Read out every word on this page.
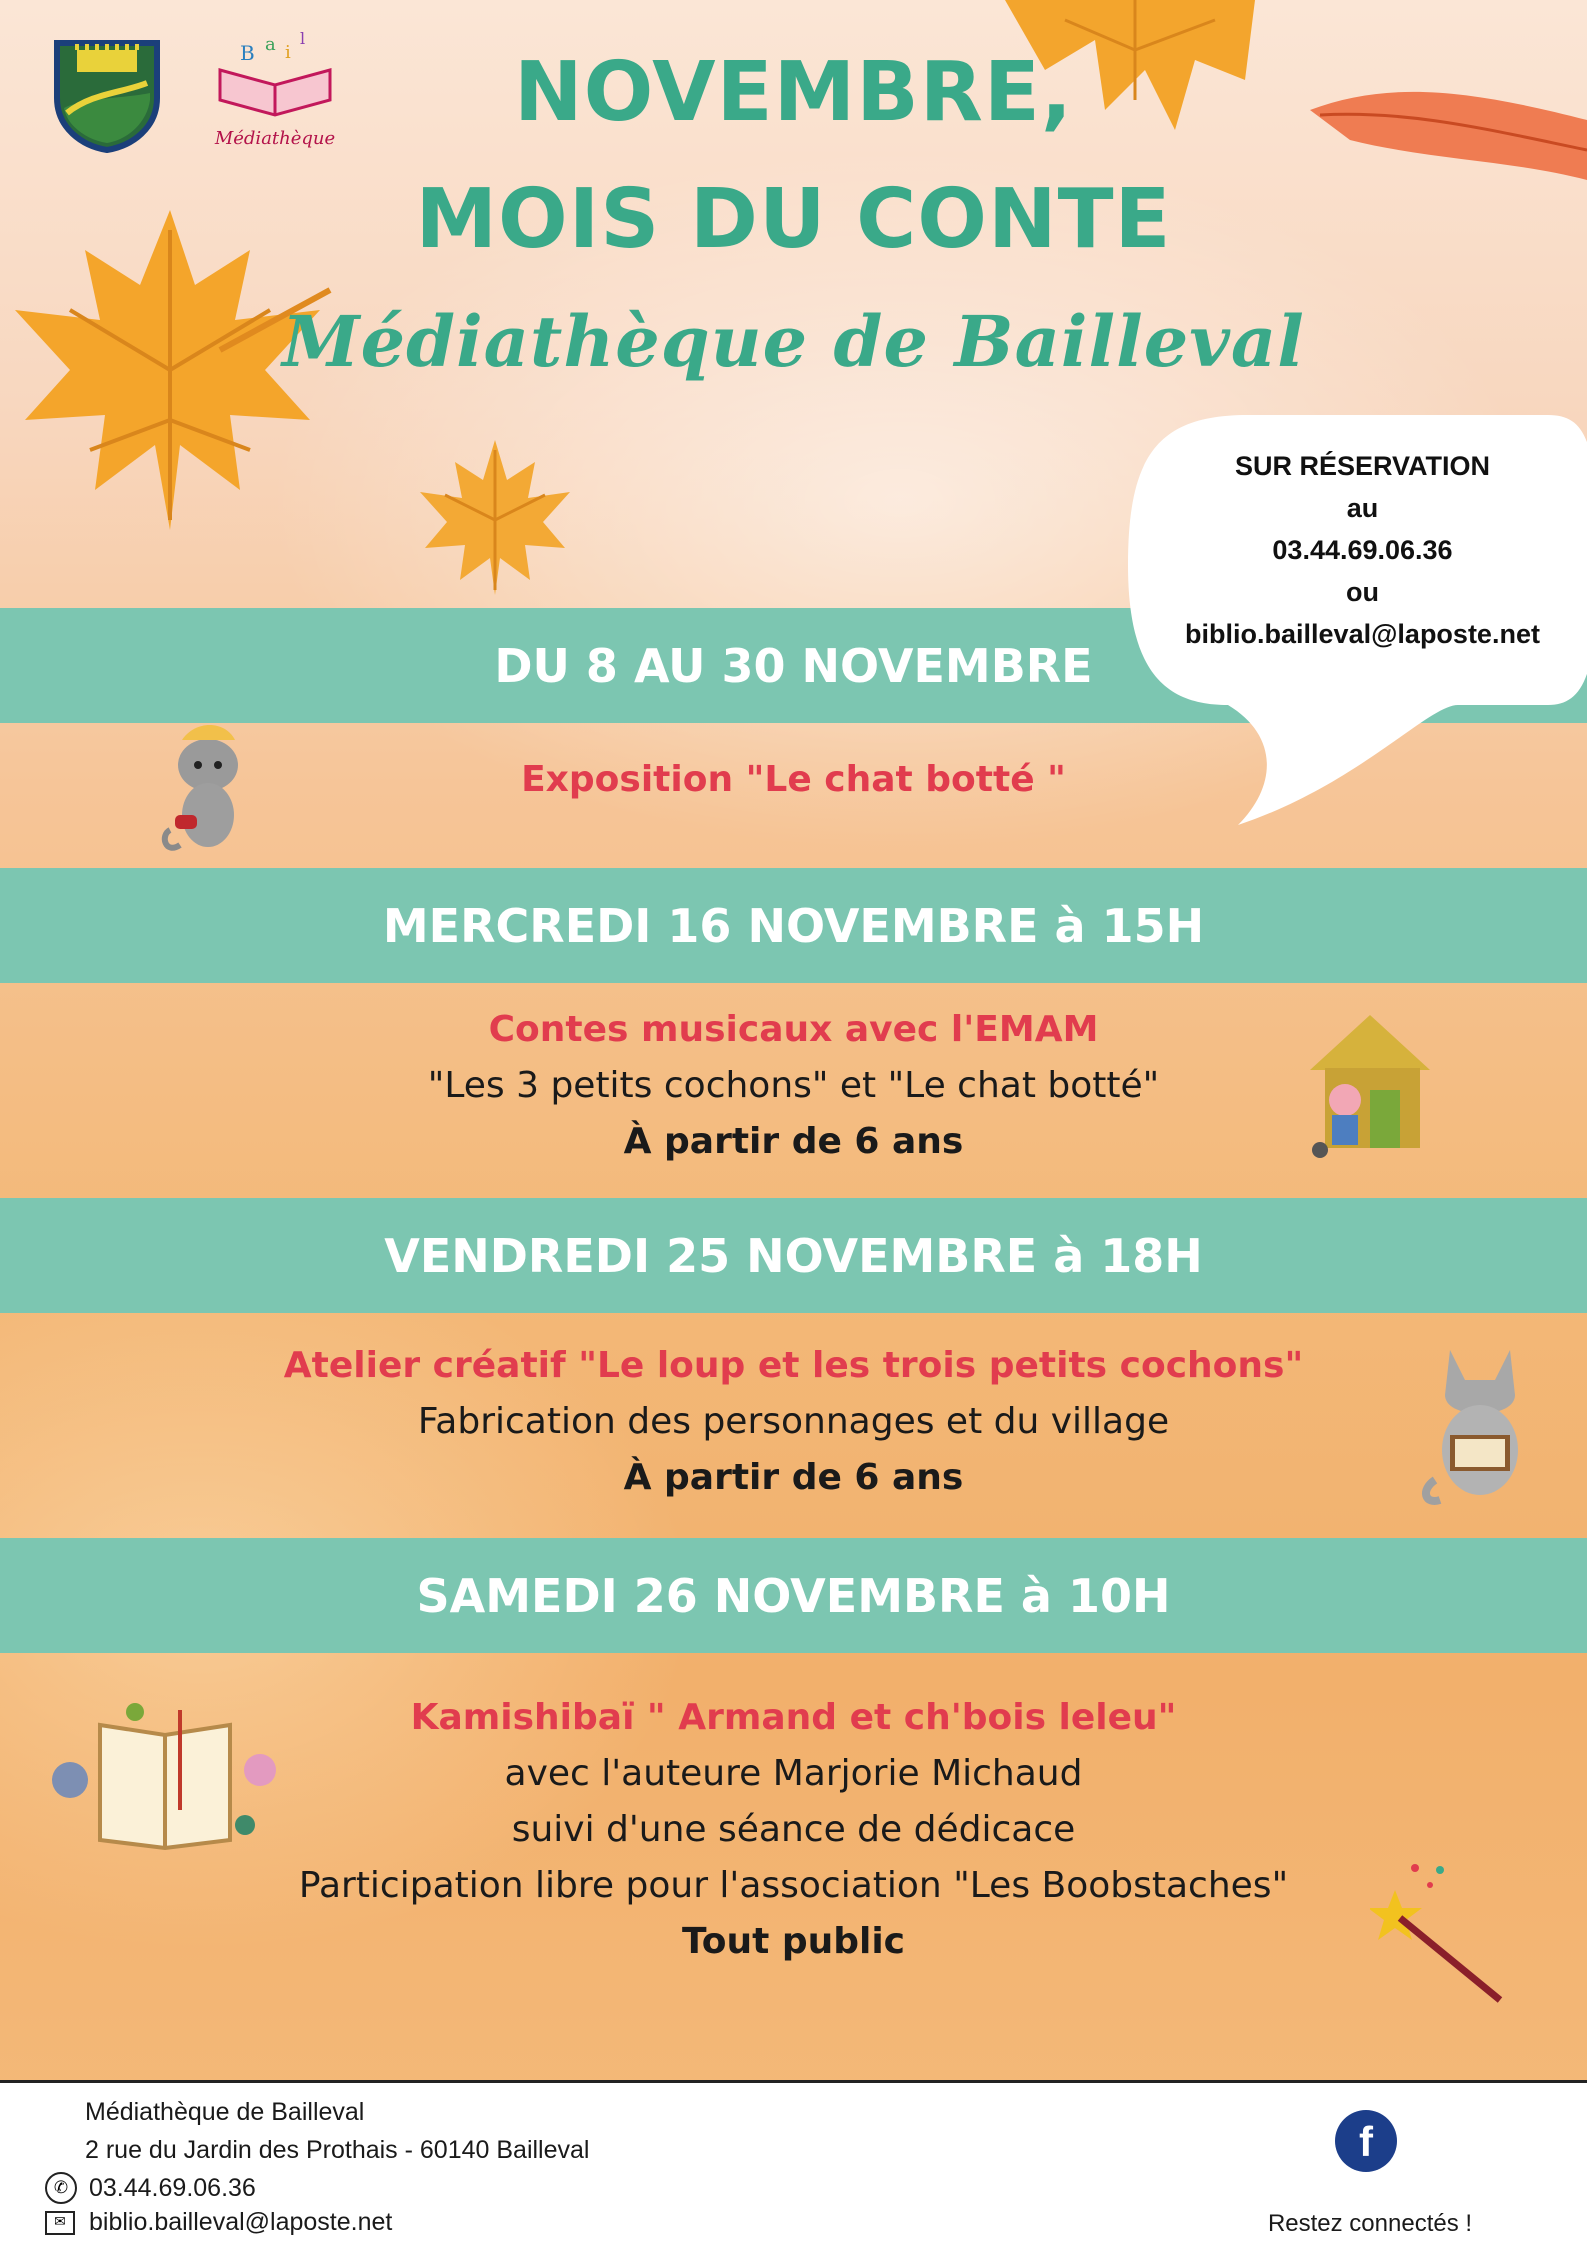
B a i
l
Médiathèque	NOVEMBRE,
MOIS DU CONTE
Médiathèque de Bailleval
DU 8 AU 30 NOVEMBRE
SUR RÉSERVATION
au
03.44.69.06.36
ou
biblio.bailleval@laposte.net
Exposition "Le chat botté "
MERCREDI 16 NOVEMBRE à 15H
Contes musicaux avec l'EMAM
"Les 3 petits cochons" et "Le chat botté"
À partir de 6 ans
VENDREDI 25 NOVEMBRE à 18H
Atelier créatif "Le loup et les trois petits cochons"
Fabrication des personnages et du village
À partir de 6 ans
SAMEDI 26 NOVEMBRE à 10H
Kamishibaï " Armand et ch'bois leleu"
avec l'auteure Marjorie Michaud
suivi d'une séance de dédicace
Participation libre pour l'association "Les Boobstaches"
Tout public
Médiathèque de Bailleval
2 rue du Jardin des Prothais - 60140 Bailleval
✆ 03.44.69.06.36
✉ biblio.bailleval@laposte.net
f
Restez connectés !
